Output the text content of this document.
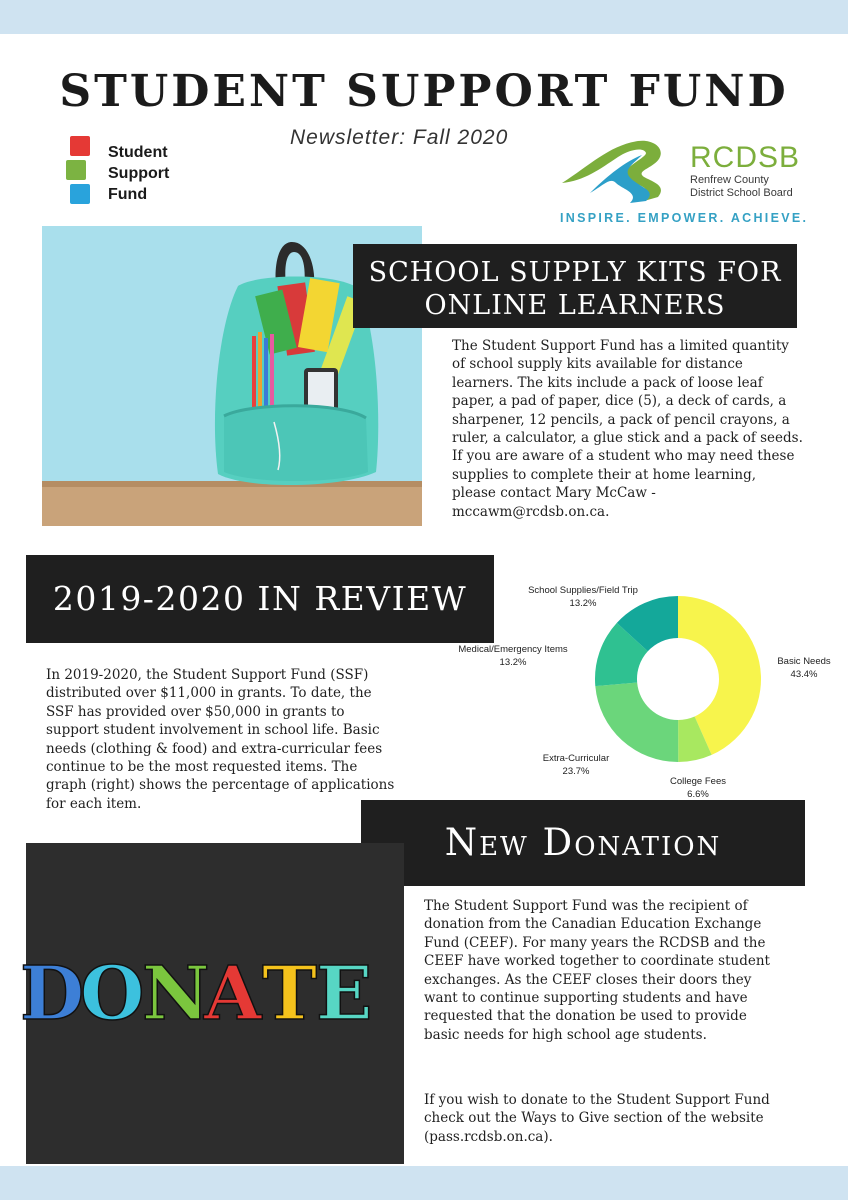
STUDENT SUPPORT FUND
Newsletter: Fall 2020
Student
Support
Fund
RCDSB
Renfrew County
District School Board
INSPIRE. EMPOWER. ACHIEVE.
SCHOOL SUPPLY KITS FOR
ONLINE LEARNERS

The Student Support Fund has a limited quantity of school supply kits available for distance learners. The kits include a pack of loose leaf paper, a pad of paper, dice (5), a deck of cards, a sharpener, 12 pencils, a pack of pencil crayons, a ruler, a calculator, a glue stick and a pack of seeds. If you are aware of a student who may need these supplies to complete their at home learning, please contact Mary McCaw - mccawm@rcdsb.on.ca.

2019-2020 IN REVIEW

In 2019-2020, the Student Support Fund (SSF) distributed over $11,000 in grants. To date, the SSF has provided over $50,000 in grants to support student involvement in school life. Basic needs (clothing & food) and extra-curricular fees continue to be the most requested items. The graph (right) shows the percentage of applications for each item.

Basic Needs
43.4%
College Fees
6.6%
Extra-Curricular
23.7%
Medical/Emergency Items
13.2%
School Supplies/Field Trip
13.2%
New Donation
D
O
N
A T
E

The Student Support Fund was the recipient of donation from the Canadian Education Exchange Fund (CEEF). For many years the RCDSB and the CEEF have worked together to coordinate student exchanges. As the CEEF closes their doors they want to continue supporting students and have requested that the donation be used to provide basic needs for high school age students.

If you wish to donate to the Student Support Fund check out the Ways to Give section of the website (pass.rcdsb.on.ca).
